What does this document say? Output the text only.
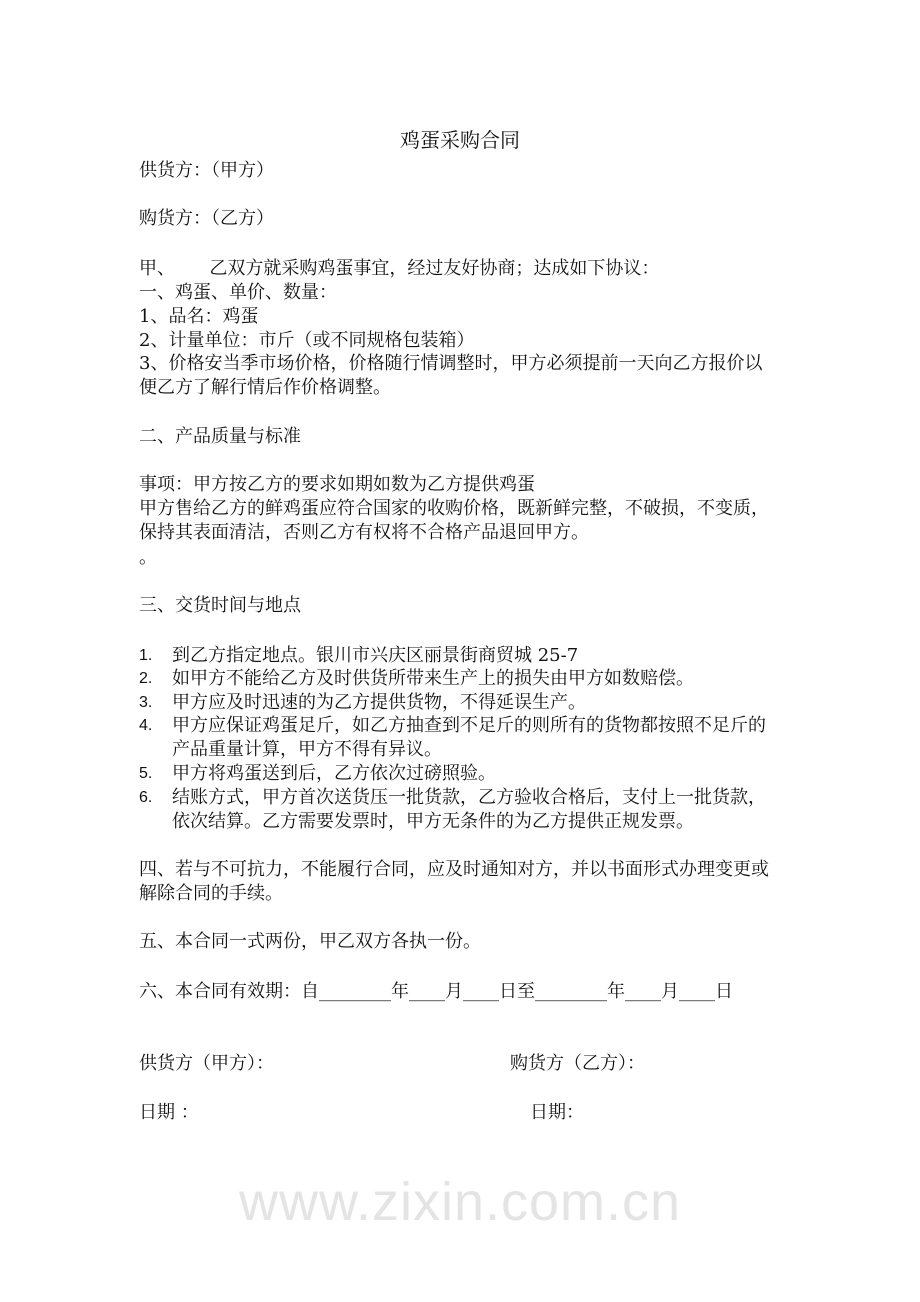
鸡蛋采购合同
供货方：（甲方）
购货方：（乙方）
甲、      乙双方就采购鸡蛋事宜，经过友好协商；达成如下协议：
一、鸡蛋、单价、数量：
1、品名：鸡蛋
2、计量单位：市斤（或不同规格包装箱）
3、价格安当季市场价格，价格随行情调整时，甲方必须提前一天向乙方报价以
便乙方了解行情后作价格调整。
二、产品质量与标准
事项：甲方按乙方的要求如期如数为乙方提供鸡蛋
甲方售给乙方的鲜鸡蛋应符合国家的收购价格，既新鲜完整，不破损，不变质，
保持其表面清洁，否则乙方有权将不合格产品退回甲方。
。
三、交货时间与地点
1. 到乙方指定地点。银川市兴庆区丽景街商贸城 25-7
2. 如甲方不能给乙方及时供货所带来生产上的损失由甲方如数赔偿。
3. 甲方应及时迅速的为乙方提供货物，不得延误生产。
4. 甲方应保证鸡蛋足斤，如乙方抽查到不足斤的则所有的货物都按照不足斤的
产品重量计算，甲方不得有异议。
5. 甲方将鸡蛋送到后，乙方依次过磅照验。
6. 结账方式，甲方首次送货压一批货款，乙方验收合格后，支付上一批货款，
依次结算。乙方需要发票时，甲方无条件的为乙方提供正规发票。
四、若与不可抗力，不能履行合同，应及时通知对方，并以书面形式办理变更或
解除合同的手续。
五、本合同一式两份，甲乙双方各执一份。
六、本合同有效期：自________年____月____日至________年____月____日
供货方（甲方）：	购货方（乙方）：
日期 ：	日期：
www.zixin.com.cn
